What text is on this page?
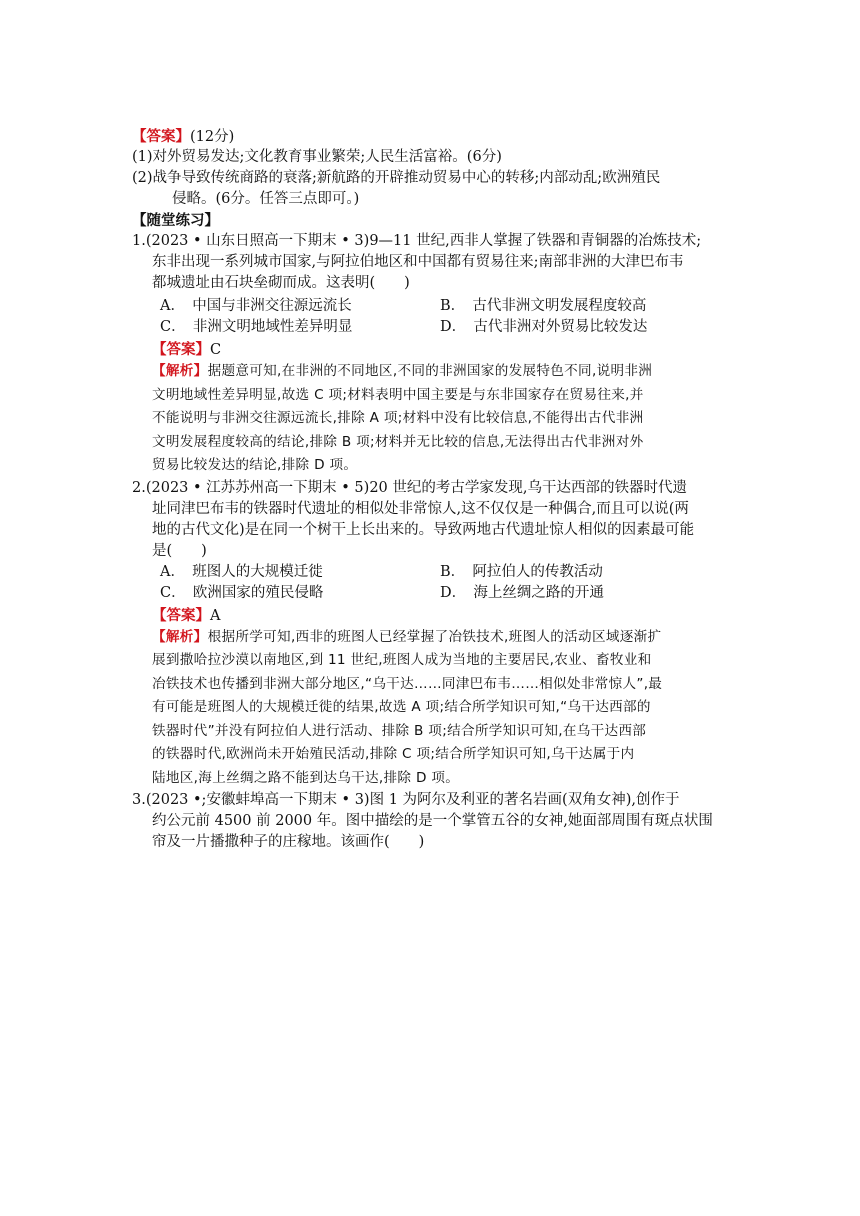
【答案】(12分)
(1)对外贸易发达;文化教育事业繁荣;人民生活富裕。(6分)
(2)战争导致传统商路的衰落;新航路的开辟推动贸易中心的转移;内部动乱;欧洲殖民
侵略。(6分。任答三点即可。)
【随堂练习】
1.(2023 • 山东日照高一下期末 • 3)9—11 世纪,西非人掌握了铁器和青铜器的冶炼技术;
东非出现一系列城市国家,与阿拉伯地区和中国都有贸易往来;南部非洲的大津巴布韦
都城遗址由石块垒砌而成。这表明(　　)
A．　中国与非洲交往源远流长	B．　古代非洲文明发展程度较高
C．　非洲文明地域性差异明显	D．　古代非洲对外贸易比较发达
【答案】C
【解析】据题意可知,在非洲的不同地区,不同的非洲国家的发展特色不同,说明非洲
文明地域性差异明显,故选 C 项;材料表明中国主要是与东非国家存在贸易往来,并
不能说明与非洲交往源远流长,排除 A 项;材料中没有比较信息,不能得出古代非洲
文明发展程度较高的结论,排除 B 项;材料并无比较的信息,无法得出古代非洲对外
贸易比较发达的结论,排除 D 项。
2.(2023 • 江苏苏州高一下期末 • 5)20 世纪的考古学家发现,乌干达西部的铁器时代遗
址同津巴布韦的铁器时代遗址的相似处非常惊人,这不仅仅是一种偶合,而且可以说(两
地的古代文化)是在同一个树干上长出来的。导致两地古代遗址惊人相似的因素最可能
是(　　)
A．　班图人的大规模迁徙	B．　阿拉伯人的传教活动
C．　欧洲国家的殖民侵略	D．　海上丝绸之路的开通
【答案】A
【解析】根据所学可知,西非的班图人已经掌握了冶铁技术,班图人的活动区域逐渐扩
展到撒哈拉沙漠以南地区,到 11 世纪,班图人成为当地的主要居民,农业、畜牧业和
冶铁技术也传播到非洲大部分地区,“乌干达……同津巴布韦……相似处非常惊人”,最
有可能是班图人的大规模迁徙的结果,故选 A 项;结合所学知识可知,“乌干达西部的
铁器时代”并没有阿拉伯人进行活动、排除 B 项;结合所学知识可知,在乌干达西部
的铁器时代,欧洲尚未开始殖民活动,排除 C 项;结合所学知识可知,乌干达属于内
陆地区,海上丝绸之路不能到达乌干达,排除 D 项。
3.(2023 •;安徽蚌埠高一下期末 • 3)图 1 为阿尔及利亚的著名岩画(双角女神),创作于
约公元前 4500 前 2000 年。图中描绘的是一个掌管五谷的女神,她面部周围有斑点状围
帘及一片播撒种子的庄稼地。该画作(　　)
